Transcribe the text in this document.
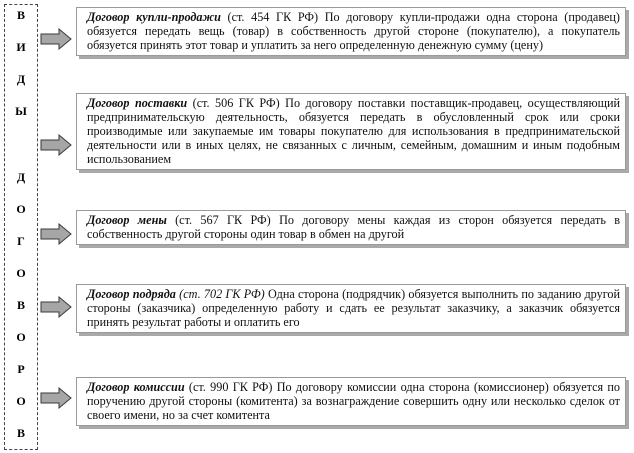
В
И
Д
Ы
Д
О
Г
О
В
О
Р
О
В
Договор купли-продажи (ст. 454 ГК РФ) По договору купли-продажи одна сторона (продавец) обязуется передать вещь (товар) в собственность другой стороне (покупателю), а покупатель обязуется принять этот товар и уплатить за него определенную денежную сумму (цену)
Договор поставки (ст. 506 ГК РФ) По договору поставки поставщик-продавец, осуществляющий предпринимательскую деятельность, обязуется передать в обусловленный срок или сроки производимые или закупаемые им товары покупателю для использования в предпринимательской деятельности или в иных целях, не связанных с личным, семейным, домашним и иным подобным использованием
Договор мены (ст. 567 ГК РФ) По договору мены каждая из сторон обязуется передать в собственность другой стороны один товар в обмен на другой
Договор подряда (ст. 702 ГК РФ) Одна сторона (подрядчик) обязуется выполнить по заданию другой стороны (заказчика) определенную работу и сдать ее результат заказчику, а заказчик обязуется принять результат работы и оплатить его
Договор комиссии (ст. 990 ГК РФ) По договору комиссии одна сторона (комиссионер) обязуется по поручению другой стороны (комитента) за вознаграждение совершить одну или несколько сделок от своего имени, но за счет комитента
